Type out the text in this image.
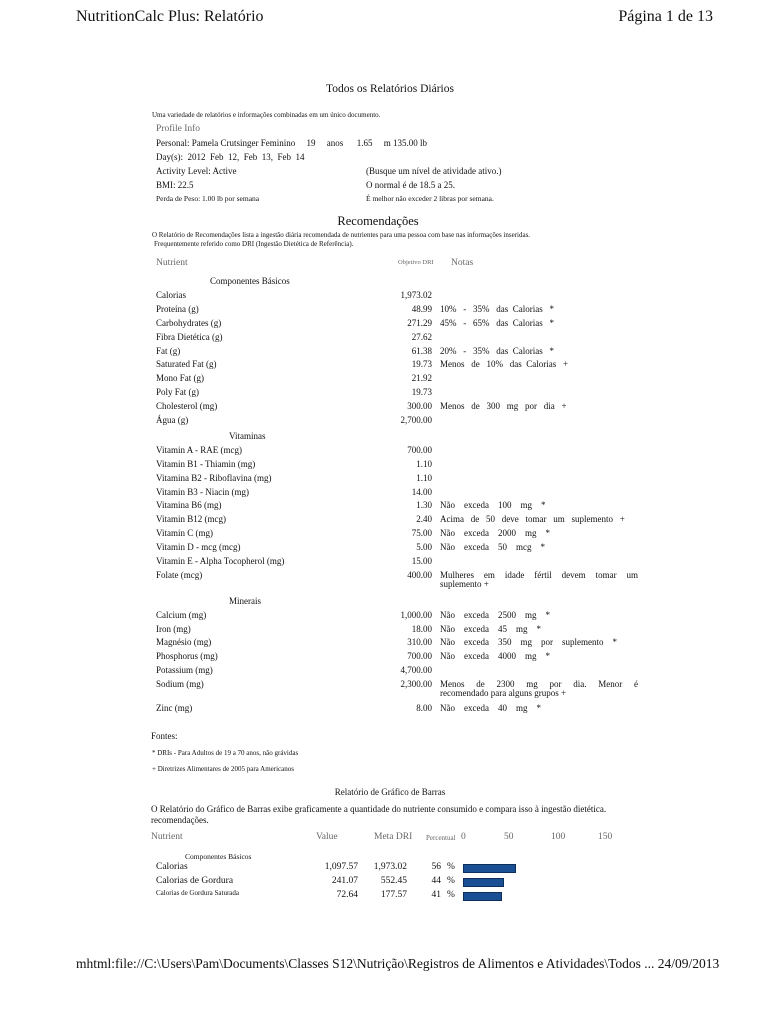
NutritionCalc Plus: Relatório	Página 1 de 13
Todos os Relatórios Diários
Uma variedade de relatórios e informações combinadas em um único documento.
Profile Info
Personal: Pamela Crutsinger Feminino     19     anos      1.65     m 135.00 lb
Day(s):  2012  Feb  12,  Feb  13,  Feb  14
Activity Level: Active	(Busque um nível de atividade ativo.)
BMI: 22.5	O normal é de 18.5 a 25.
Perda de Peso: 1.00 lb por semana	É melhor não exceder 2 libras por semana.
Recomendações
O Relatório de Recomendações lista a ingestão diária recomendada de nutrientes para uma pessoa com base nas informações inseridas.
Frequentemente referido como DRI (Ingestão Dietética de Referência).
Nutrient	Objetivo DRI Notas
Componentes Básicos
Calorias	1,973.02
Proteína (g)	48.99 10%   -   35%   das  Calorias   *
Carbohydrates (g)	271.29 45%   -   65%   das  Calorias   *
Fibra Dietética (g)	27.62
Fat (g)	61.38 20%   -   35%   das  Calorias   *
Saturated Fat (g)	19.73 Menos   de   10%   das  Calorias   +
Mono Fat (g)	21.92
Poly Fat (g)	19.73
Cholesterol (mg)	300.00 Menos   de   300   mg   por   dia   +
Água (g)	2,700.00
Vitaminas
Vitamin A - RAE (mcg)	700.00
Vitamin B1 - Thiamin (mg)	1.10
Vitamina B2 - Riboflavina (mg)	1.10
Vitamin B3 - Niacin (mg)	14.00
Vitamina B6 (mg)	1.30 Não    exceda    100    mg    *
Vitamin B12 (mcg)	2.40 Acima   de   50   deve   tomar   um   suplemento   +
Vitamin C (mg)	75.00 Não    exceda    2000    mg    *
Vitamin D - mcg (mcg)	5.00 Não    exceda    50    mcg    *
Vitamin E - Alpha Tocopherol (mg)	15.00
Folate (mcg)	400.00 Mulheres   em   idade   fértil   devem   tomar   um
suplemento +
Minerais
Calcium (mg)	1,000.00 Não    exceda    2500    mg    *
Iron (mg)	18.00 Não    exceda    45    mg    *
Magnésio (mg)	310.00 Não    exceda    350    mg    por    suplemento    *
Phosphorus (mg)	700.00 Não    exceda    4000    mg    *
Potassium (mg)	4,700.00
Sodium (mg)	2,300.00 Menos   de   2300   mg   por   dia.   Menor   é
recomendado para alguns grupos +
Zinc (mg)	8.00 Não    exceda    40    mg    *
Fontes:
* DRIs - Para Adultos de 19 a 70 anos, não grávidas
+ Diretrizes Alimentares de 2005 para Americanos
Relatório de Gráfico de Barras
O Relatório do Gráfico de Barras exibe graficamente a quantidade do nutriente consumido e compara isso à ingestão dietética.
recomendações.
Nutrient	Value	Meta DRI Percentual 0	50	100	150
Componentes Básicos
Calorias	1,097.57	1,973.02	56 %
Calorias de Gordura	241.07	552.45	44 %
Calorias de Gordura Saturada	72.64	177.57	41 %
mhtml:file://C:\Users\Pam\Documents\Classes S12\Nutrição\Registros de Alimentos e Atividades\Todos ... 24/09/2013
